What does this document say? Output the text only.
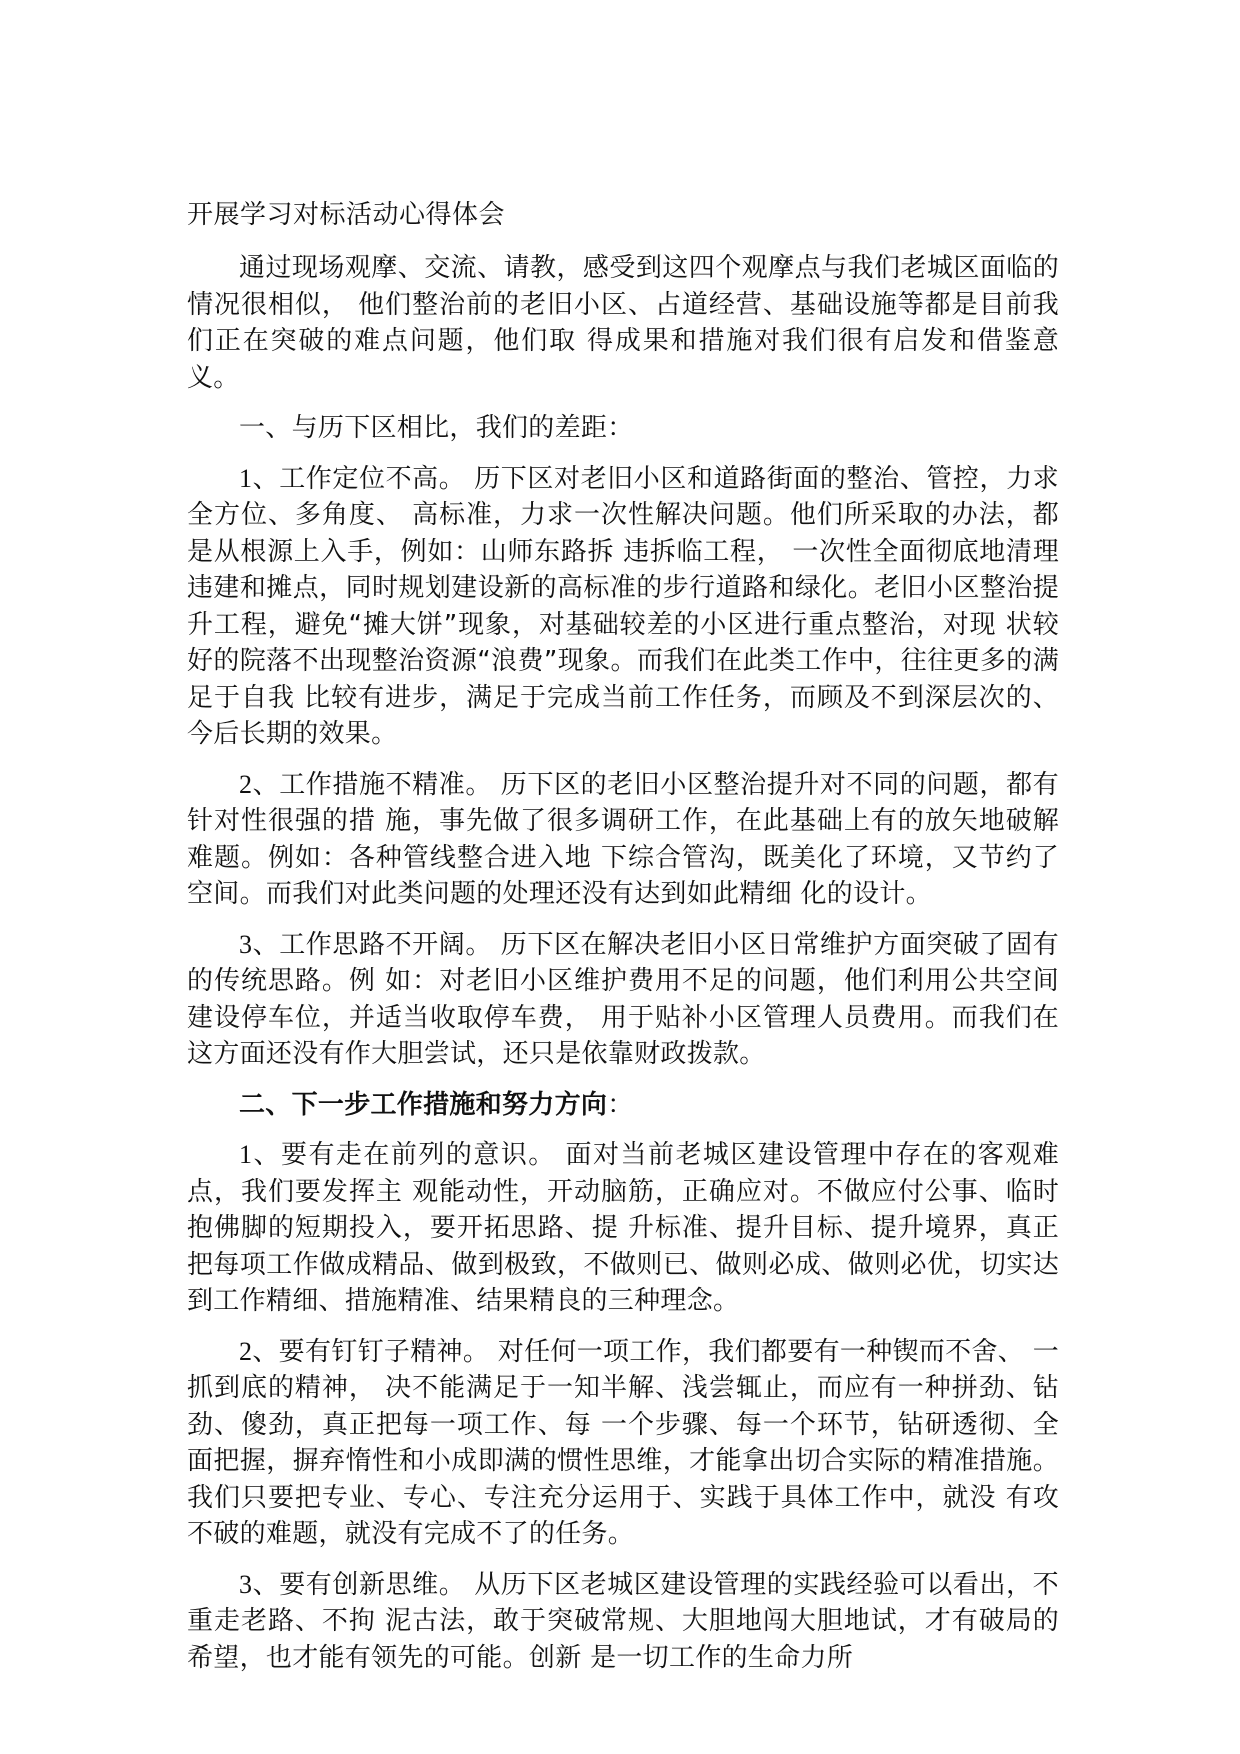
开展学习对标活动心得体会

通过现场观摩、交流、请教，感受到这四个观摩点与我们老城区面临的情况很相似， 他们整治前的老旧小区、占道经营、基础设施等都是目前我们正在突破的难点问题，他们取 得成果和措施对我们很有启发和借鉴意义。

一、与历下区相比，我们的差距：

1、工作定位不高。 历下区对老旧小区和道路街面的整治、管控，力求全方位、多角度、 高标准，力求一次性解决问题。他们所采取的办法，都是从根源上入手，例如：山师东路拆 违拆临工程， 一次性全面彻底地清理违建和摊点，同时规划建设新的高标准的步行道路和绿化。老旧小区整治提升工程，避免“摊大饼”现象，对基础较差的小区进行重点整治，对现 状较好的院落不出现整治资源“浪费”现象。而我们在此类工作中，往往更多的满足于自我 比较有进步，满足于完成当前工作任务，而顾及不到深层次的、今后长期的效果。

2、工作措施不精准。 历下区的老旧小区整治提升对不同的问题，都有针对性很强的措 施，事先做了很多调研工作，在此基础上有的放矢地破解难题。例如：各种管线整合进入地 下综合管沟，既美化了环境，又节约了空间。而我们对此类问题的处理还没有达到如此精细 化的设计。

3、工作思路不开阔。 历下区在解决老旧小区日常维护方面突破了固有的传统思路。例 如：对老旧小区维护费用不足的问题，他们利用公共空间建设停车位，并适当收取停车费， 用于贴补小区管理人员费用。而我们在这方面还没有作大胆尝试，还只是依靠财政拨款。

二、下一步工作措施和努力方向：

1、要有走在前列的意识。 面对当前老城区建设管理中存在的客观难点，我们要发挥主 观能动性，开动脑筋，正确应对。不做应付公事、临时抱佛脚的短期投入，要开拓思路、提 升标准、提升目标、提升境界，真正把每项工作做成精品、做到极致，不做则已、做则必成、做则必优，切实达到工作精细、措施精准、结果精良的三种理念。

2、要有钉钉子精神。 对任何一项工作，我们都要有一种锲而不舍、 一抓到底的精神， 决不能满足于一知半解、浅尝辄止，而应有一种拼劲、钻劲、傻劲，真正把每一项工作、每 一个步骤、每一个环节，钻研透彻、全面把握，摒弃惰性和小成即满的惯性思维，才能拿出切合实际的精准措施。我们只要把专业、专心、专注充分运用于、实践于具体工作中，就没 有攻不破的难题，就没有完成不了的任务。

3、要有创新思维。 从历下区老城区建设管理的实践经验可以看出，不重走老路、不拘 泥古法，敢于突破常规、大胆地闯大胆地试，才有破局的希望，也才能有领先的可能。创新 是一切工作的生命力所
